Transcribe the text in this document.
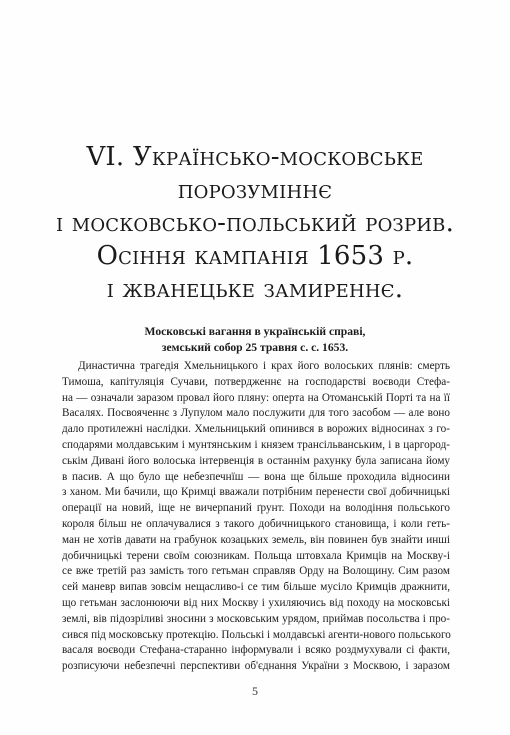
VI. Українсько-московське
порозуміннє
і московсько-польський розрив.
Осіння кампанія 1653 р.
і жванецьке замиреннє.
Московські вагання в українській справі,
земський собор 25 травня с. с. 1653.
Династична трагедія Хмельницького і крах його волоських плянів: смерть
Тимоша, капітуляція Сучави, потвердженнє на господарстві воєводи Стефа-
на — означали заразом провал його пляну: оперта на Отоманській Порті та на її
Васалях. Посвояченнє з Лупулом мало послужити для того засобом — але воно
дало протилежні наслідки. Хмельницький опинився в ворожих відносинах з го-
сподарями молдавським і мунтянським і князем трансільванським, і в царгород-
ськім Дивані його волоська інтервенція в останнім рахунку була записана йому
в пасив. А що було ще небезпечнїш — вона ще більше проходила відносини
з ханом. Ми бачили, що Кримці вважали потрібним перенести свої добичницькі
операції на новий, іще не вичерпаний ґрунт. Походи на володіння польського
короля більш не оплачувалися з такого добичницького становища, і коли геть-
ман не хотів давати на грабунок козацьких земель, він повинен був знайти инші
добичницькі терени своїм союзникам. Польща штовхала Кримців на Москву-і
се вже третій раз замість того гетьман справляв Орду на Волощину. Сим разом
сей маневр випав зовсім нещасливо-і се тим більше мусіло Кримців дражнити,
що гетьман заслонюючи від них Москву і ухиляючись від походу на московські
землі, вів підозріливі зносини з московським урядом, приймав посольства і про-
сився під московську протекцію. Польські і молдавські агенти-нового польського
васаля воєводи Стефана-старанно інформували і всяко роздмухували сі факти,
розписуючи небезпечні перспективи об'єднання України з Москвою, і заразом
5
